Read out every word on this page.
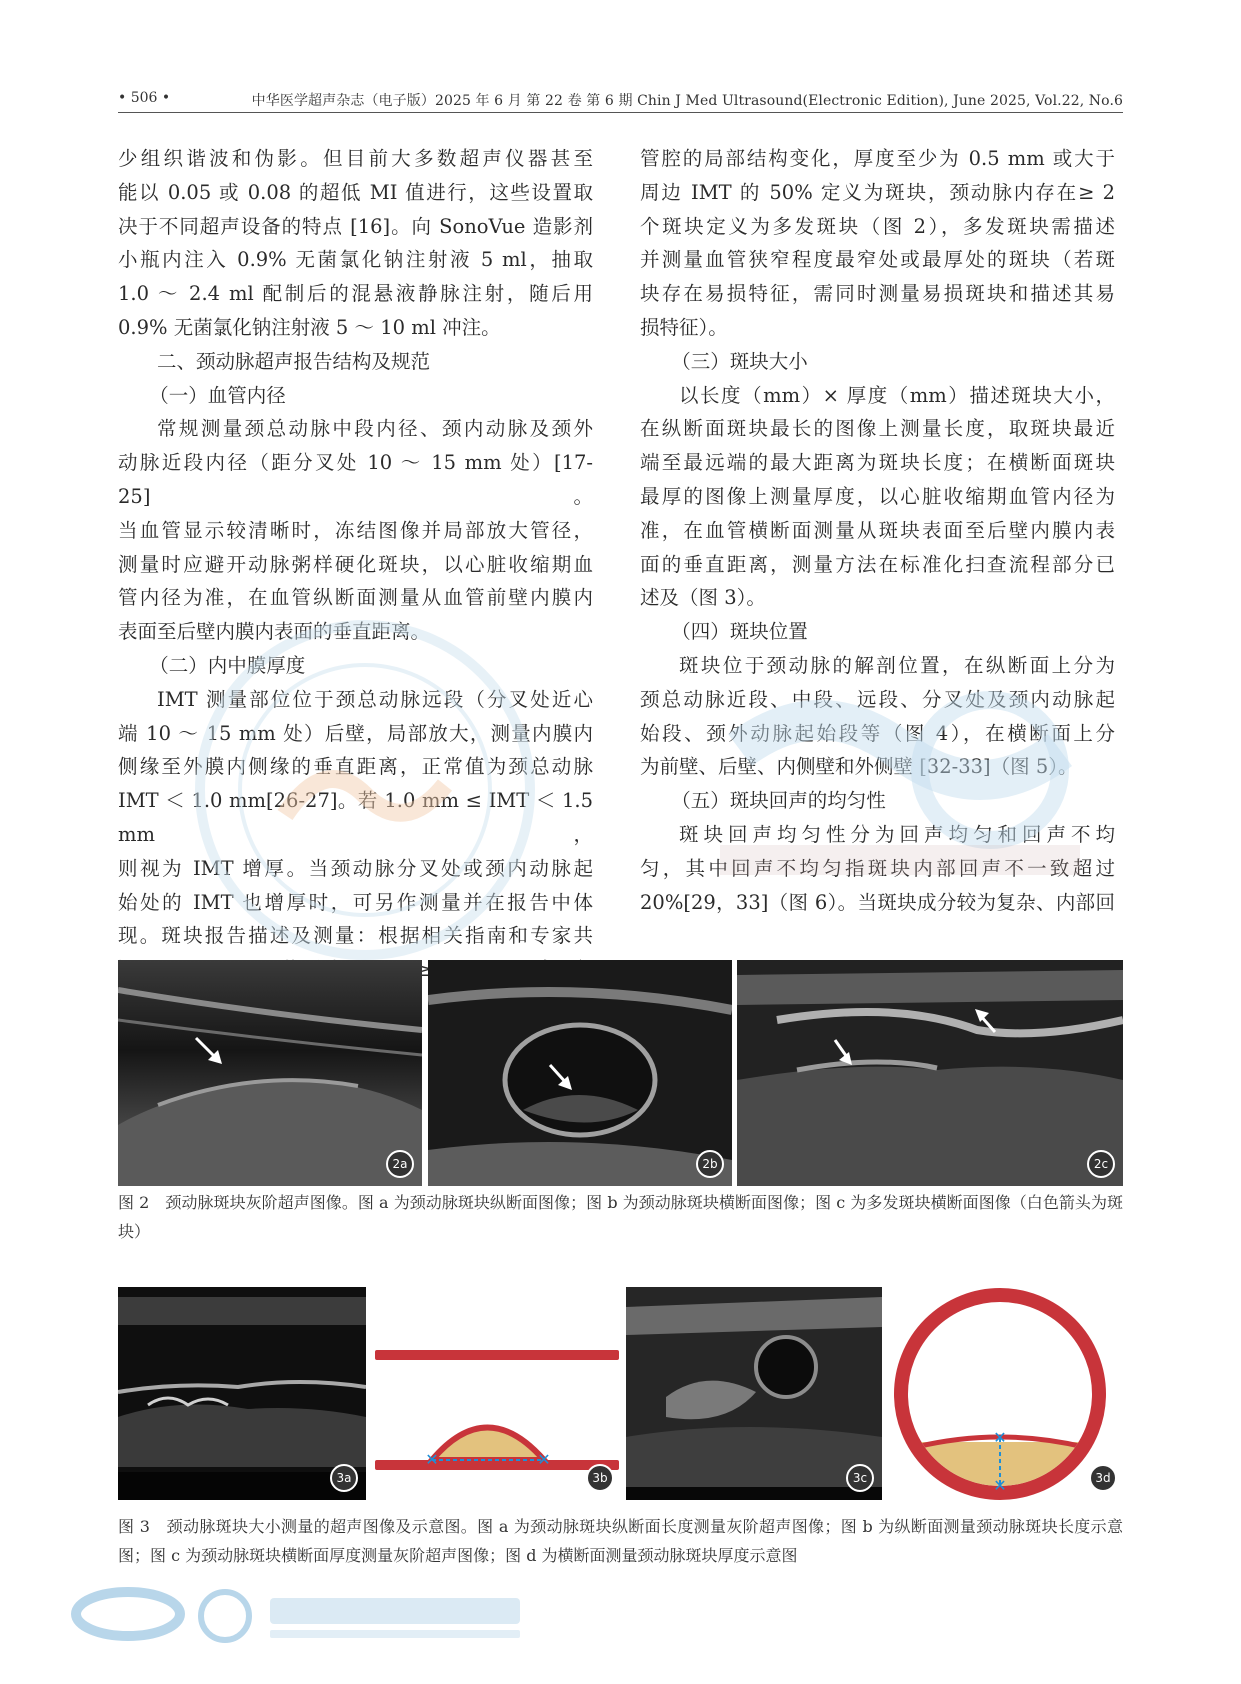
• 506 •	中华医学超声杂志（电子版）2025 年 6 月 第 22 卷 第 6 期 Chin J Med Ultrasound(Electronic Edition), June 2025, Vol.22, No.6

少组织谐波和伪影。但目前大多数超声仪器甚至

能以 0.05 或 0.08 的超低 MI 值进行，这些设置取

决于不同超声设备的特点 [16]。向 SonoVue 造影剂

小瓶内注入 0.9% 无菌氯化钠注射液 5 ml，抽取

1.0 ～ 2.4 ml 配制后的混悬液静脉注射，随后用

0.9% 无菌氯化钠注射液 5 ～ 10 ml 冲注。

二、颈动脉超声报告结构及规范

（一）血管内径

常规测量颈总动脉中段内径、颈内动脉及颈外

动脉近段内径（距分叉处 10 ～ 15 mm 处）[17-25]。

当血管显示较清晰时，冻结图像并局部放大管径，

测量时应避开动脉粥样硬化斑块，以心脏收缩期血

管内径为准，在血管纵断面测量从血管前壁内膜内

表面至后壁内膜内表面的垂直距离。

（二）内中膜厚度

IMT 测量部位位于颈总动脉远段（分叉处近心

端 10 ～ 15 mm 处）后壁，局部放大，测量内膜内

侧缘至外膜内侧缘的垂直距离，正常值为颈总动脉

IMT ＜ 1.0 mm[26-27]。若 1.0 mm ≤ IMT ＜ 1.5 mm，

则视为 IMT 增厚。当颈动脉分叉处或颈内动脉起

始处的 IMT 也增厚时，可另作测量并在报告中体

现。斑块报告描述及测量：根据相关指南和专家共

≥

管腔的局部结构变化，厚度至少为 0.5 mm 或大于

周边 IMT 的 50% 定义为斑块，颈动脉内存在≥ 2

个斑块定义为多发斑块（图 2），多发斑块需描述

并测量血管狭窄程度最窄处或最厚处的斑块（若斑

块存在易损特征，需同时测量易损斑块和描述其易

损特征）。

（三）斑块大小

以长度（mm）× 厚度（mm）描述斑块大小，

在纵断面斑块最长的图像上测量长度，取斑块最近

端至最远端的最大距离为斑块长度；在横断面斑块

最厚的图像上测量厚度，以心脏收缩期血管内径为

准，在血管横断面测量从斑块表面至后壁内膜内表

面的垂直距离，测量方法在标准化扫查流程部分已

述及（图 3）。

（四）斑块位置

斑块位于颈动脉的解剖位置，在纵断面上分为

颈总动脉近段、中段、远段、分叉处及颈内动脉起

始段、颈外动脉起始段等（图 4），在横断面上分

为前壁、后壁、内侧壁和外侧壁 [32-33]（图 5）。

（五）斑块回声的均匀性

斑块回声均匀性分为回声均匀和回声不均

匀，其中回声不均匀指斑块内部回声不一致超过

20%[29，33]（图 6）。当斑块成分较为复杂、内部回

2a	2b	2c

图 2　颈动脉斑块灰阶超声图像。图 a 为颈动脉斑块纵断面图像；图 b 为颈动脉斑块横断面图像；图 c 为多发斑块横断面图像（白色箭头为斑块）

3a
✕	✕
3b	3c
✕
✕	3d

图 3　颈动脉斑块大小测量的超声图像及示意图。图 a 为颈动脉斑块纵断面长度测量灰阶超声图像；图 b 为纵断面测量颈动脉斑块长度示意图；图 c 为颈动脉斑块横断面厚度测量灰阶超声图像；图 d 为横断面测量颈动脉斑块厚度示意图
